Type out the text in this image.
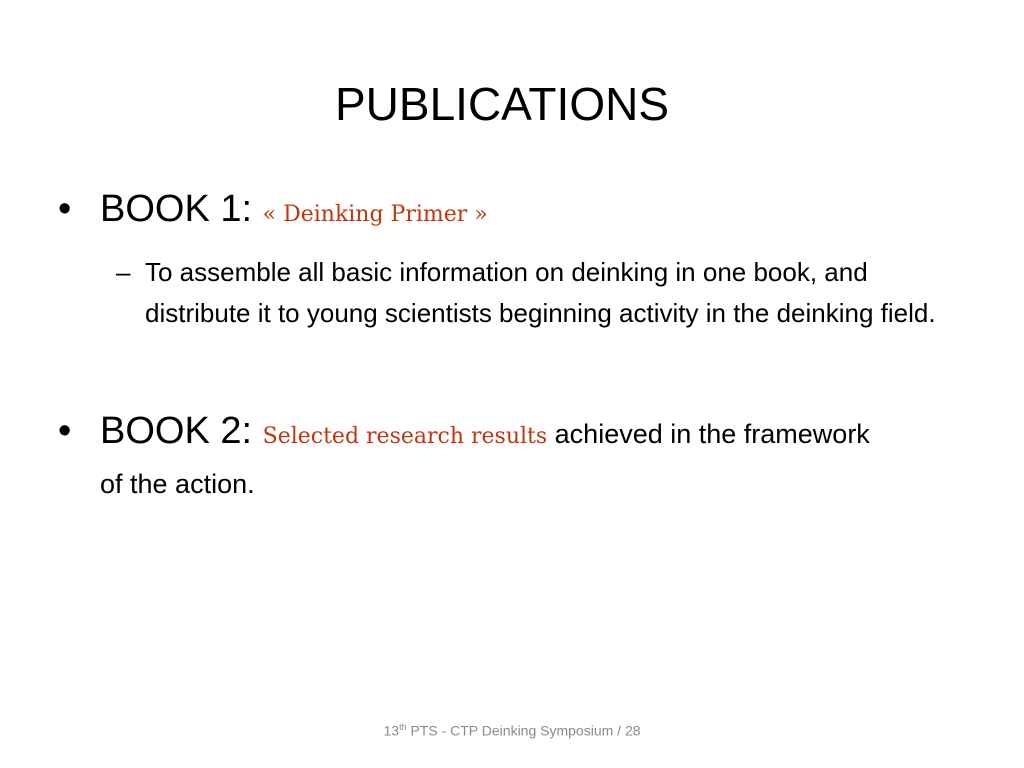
PUBLICATIONS
• BOOK 1: « Deinking Primer »
– To assemble all basic information on deinking in one book, and distribute it to young scientists beginning activity in the deinking field.
• BOOK 2: Selected research results achieved in the framework
of the action.
13th PTS - CTP Deinking Symposium / 28
